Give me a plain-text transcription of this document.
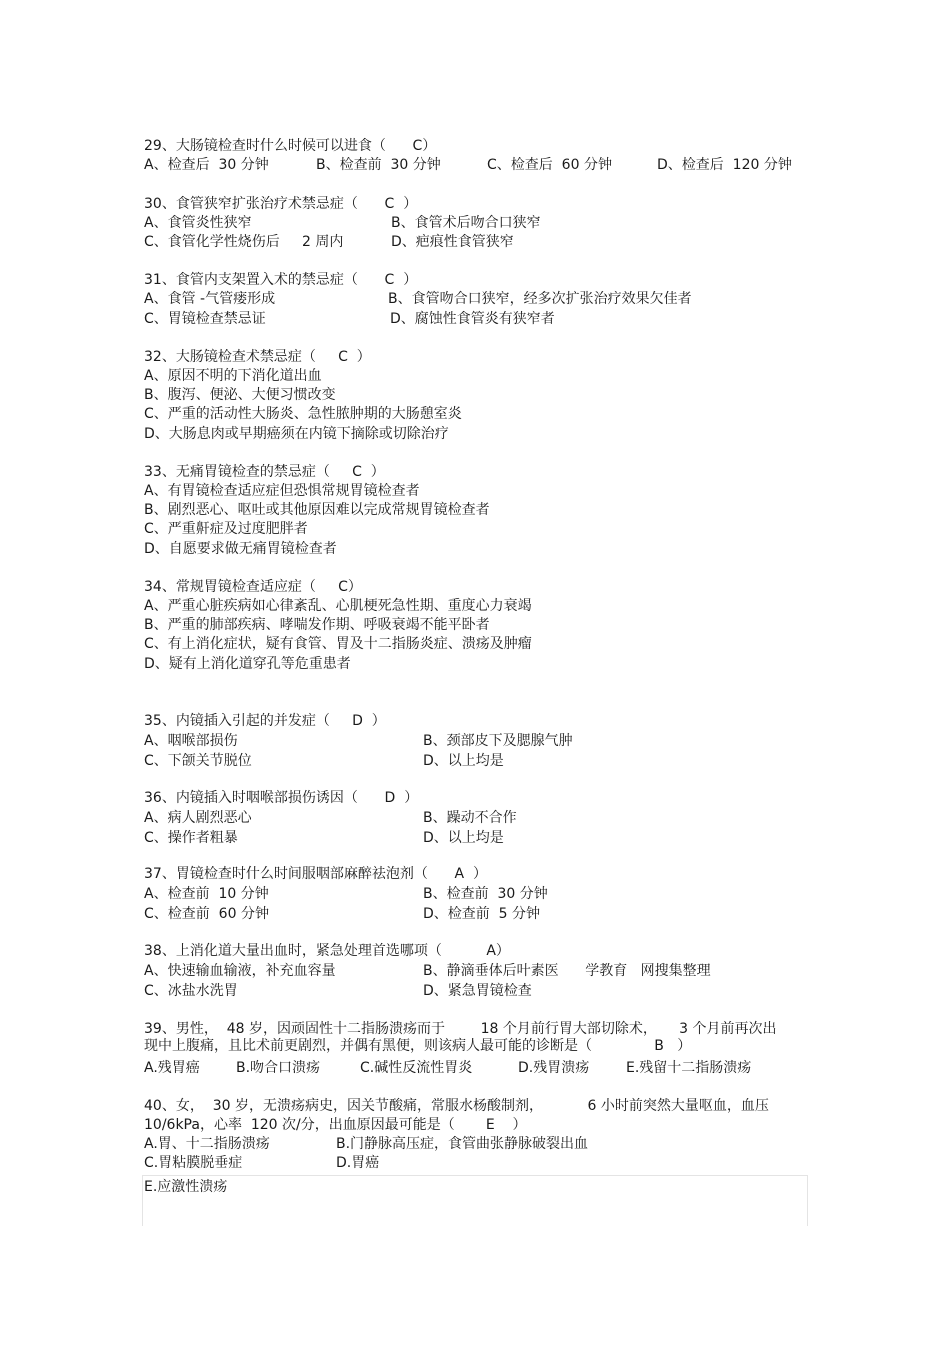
29、大肠镜检查时什么时候可以进食（      C）
A、检查后  30 分钟	B、检查前  30 分钟	C、检查后  60 分钟	D、检查后  120 分钟
30、食管狭窄扩张治疗术禁忌症（      C  ）
A、食管炎性狭窄	B、食管术后吻合口狭窄
C、食管化学性烧伤后     2 周内	D、疤痕性食管狭窄
31、食管内支架置入术的禁忌症（      C  ）
A、食管 -气管瘘形成	B、食管吻合口狭窄，经多次扩张治疗效果欠佳者
C、胃镜检查禁忌证	D、腐蚀性食管炎有狭窄者
32、大肠镜检查术禁忌症（     C  ）
A、原因不明的下消化道出血
B、腹泻、便泌、大便习惯改变
C、严重的活动性大肠炎、急性脓肿期的大肠憩室炎
D、大肠息肉或早期癌须在内镜下摘除或切除治疗
33、无痛胃镜检查的禁忌症（     C  ）
A、有胃镜检查适应症但恐惧常规胃镜检查者
B、剧烈恶心、呕吐或其他原因难以完成常规胃镜检查者
C、严重鼾症及过度肥胖者
D、自愿要求做无痛胃镜检查者
34、常规胃镜检查适应症（     C）
A、严重心脏疾病如心律紊乱、心肌梗死急性期、重度心力衰竭
B、严重的肺部疾病、哮喘发作期、呼吸衰竭不能平卧者
C、有上消化症状，疑有食管、胃及十二指肠炎症、溃疡及肿瘤
D、疑有上消化道穿孔等危重患者
35、内镜插入引起的并发症（     D  ）
A、咽喉部损伤	B、颈部皮下及腮腺气肿
C、下颌关节脱位	D、以上均是
36、内镜插入时咽喉部损伤诱因（      D  ）
A、病人剧烈恶心	B、躁动不合作
C、操作者粗暴	D、以上均是
37、胃镜检查时什么时间服咽部麻醉祛泡剂（      A  ）
A、检查前  10 分钟	B、检查前  30 分钟
C、检查前  60 分钟	D、检查前  5 分钟
38、上消化道大量出血时，紧急处理首选哪项（          A）
A、快速输血输液，补充血容量	B、静滴垂体后叶素医      学教育   网搜集整理
C、冰盐水洗胃	D、紧急胃镜检查
39、男性，  48 岁，因顽固性十二指肠溃疡而于        18 个月前行胃大部切除术，     3 个月前再次出
现中上腹痛，且比术前更剧烈，并偶有黑便，则该病人最可能的诊断是（              B   ）
A.残胃癌	B.吻合口溃疡	C.碱性反流性胃炎	D.残胃溃疡	E.残留十二指肠溃疡
40、女，  30 岁，无溃疡病史，因关节酸痛，常服水杨酸制剂，          6 小时前突然大量呕血，血压
10/6kPa，心率  120 次/分，出血原因最可能是（       E    ）
A.胃、十二指肠溃疡	B.门静脉高压症，食管曲张静脉破裂出血
C.胃粘膜脱垂症	D.胃癌
E.应激性溃疡
